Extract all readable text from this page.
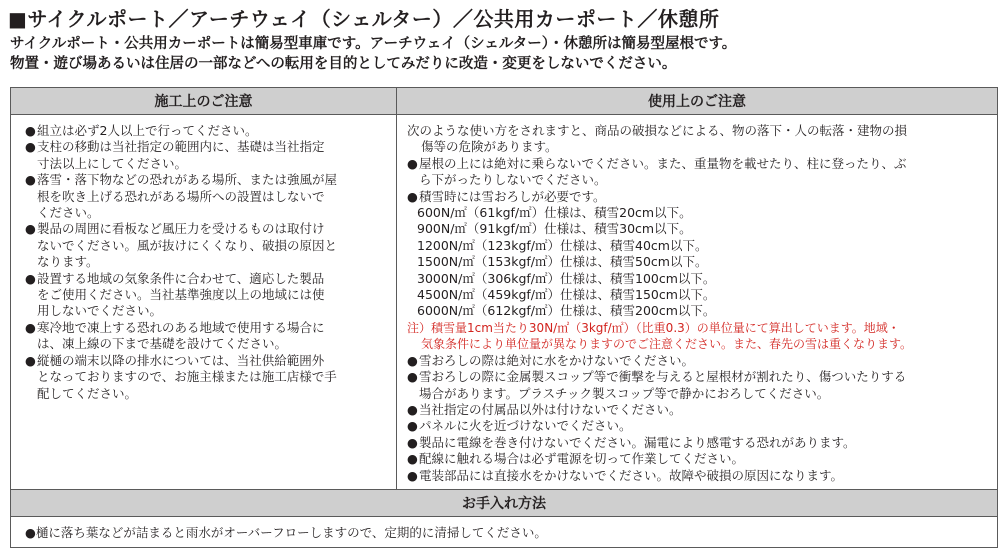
■サイクルポート／アーチウェイ（シェルター）／公共用カーポート／休憩所

サイクルポート・公共用カーポートは簡易型車庫です。アーチウェイ（シェルター）・休憩所は簡易型屋根です。

物置・遊び場あるいは住居の一部などへの転用を目的としてみだりに改造・変更をしないでください。

施工上のご注意	使用上のご注意
● 組立は必ず2人以上で行ってください。
● 支柱の移動は当社指定の範囲内に、基礎は当社指定
寸法以上にしてください。
● 落雪・落下物などの恐れがある場所、または強風が屋
根を吹き上げる恐れがある場所への設置はしないで
ください。
● 製品の周囲に看板など風圧力を受けるものは取付け
ないでください。風が抜けにくくなり、破損の原因と
なります。
● 設置する地域の気象条件に合わせて、適応した製品
をご使用ください。当社基準強度以上の地域には使
用しないでください。
● 寒冷地で凍上する恐れのある地域で使用する場合に
は、凍上線の下まで基礎を設けてください。
● 縦樋の端末以降の排水については、当社供給範囲外
となっておりますので、お施主様または施工店様で手
配してください。

次のような使い方をされますと、商品の破損などによる、物の落下・人の転落・建物の損

傷等の危険があります。

● 屋根の上には絶対に乗らないでください。また、重量物を載せたり、柱に登ったり、ぶ
ら下がったりしないでください。
● 積雪時には雪おろしが必要です。

600N/㎡（61kgf/㎡）仕様は、積雪20cm以下。

900N/㎡（91kgf/㎡）仕様は、積雪30cm以下。

1200N/㎡（123kgf/㎡）仕様は、積雪40cm以下。

1500N/㎡（153kgf/㎡）仕様は、積雪50cm以下。

3000N/㎡（306kgf/㎡）仕様は、積雪100cm以下。

4500N/㎡（459kgf/㎡）仕様は、積雪150cm以下。

6000N/㎡（612kgf/㎡）仕様は、積雪200cm以下。

注）積雪量1cm当たり30N/㎡（3kgf/㎡）（比重0.3）の単位量にて算出しています。地域・
気象条件により単位量が異なりますのでご注意ください。また、春先の雪は重くなります。
● 雪おろしの際は絶対に水をかけないでください。
● 雪おろしの際に金属製スコップ等で衝撃を与えると屋根材が割れたり、傷ついたりする
場合があります。プラスチック製スコップ等で静かにおろしてください。
● 当社指定の付属品以外は付けないでください。
● パネルに火を近づけないでください。
● 製品に電線を巻き付けないでください。漏電により感電する恐れがあります。
● 配線に触れる場合は必ず電源を切って作業してください。
● 電装部品には直接水をかけないでください。故障や破損の原因になります。
お手入れ方法
●樋に落ち葉などが詰まると雨水がオーバーフローしますので、定期的に清掃してください。
